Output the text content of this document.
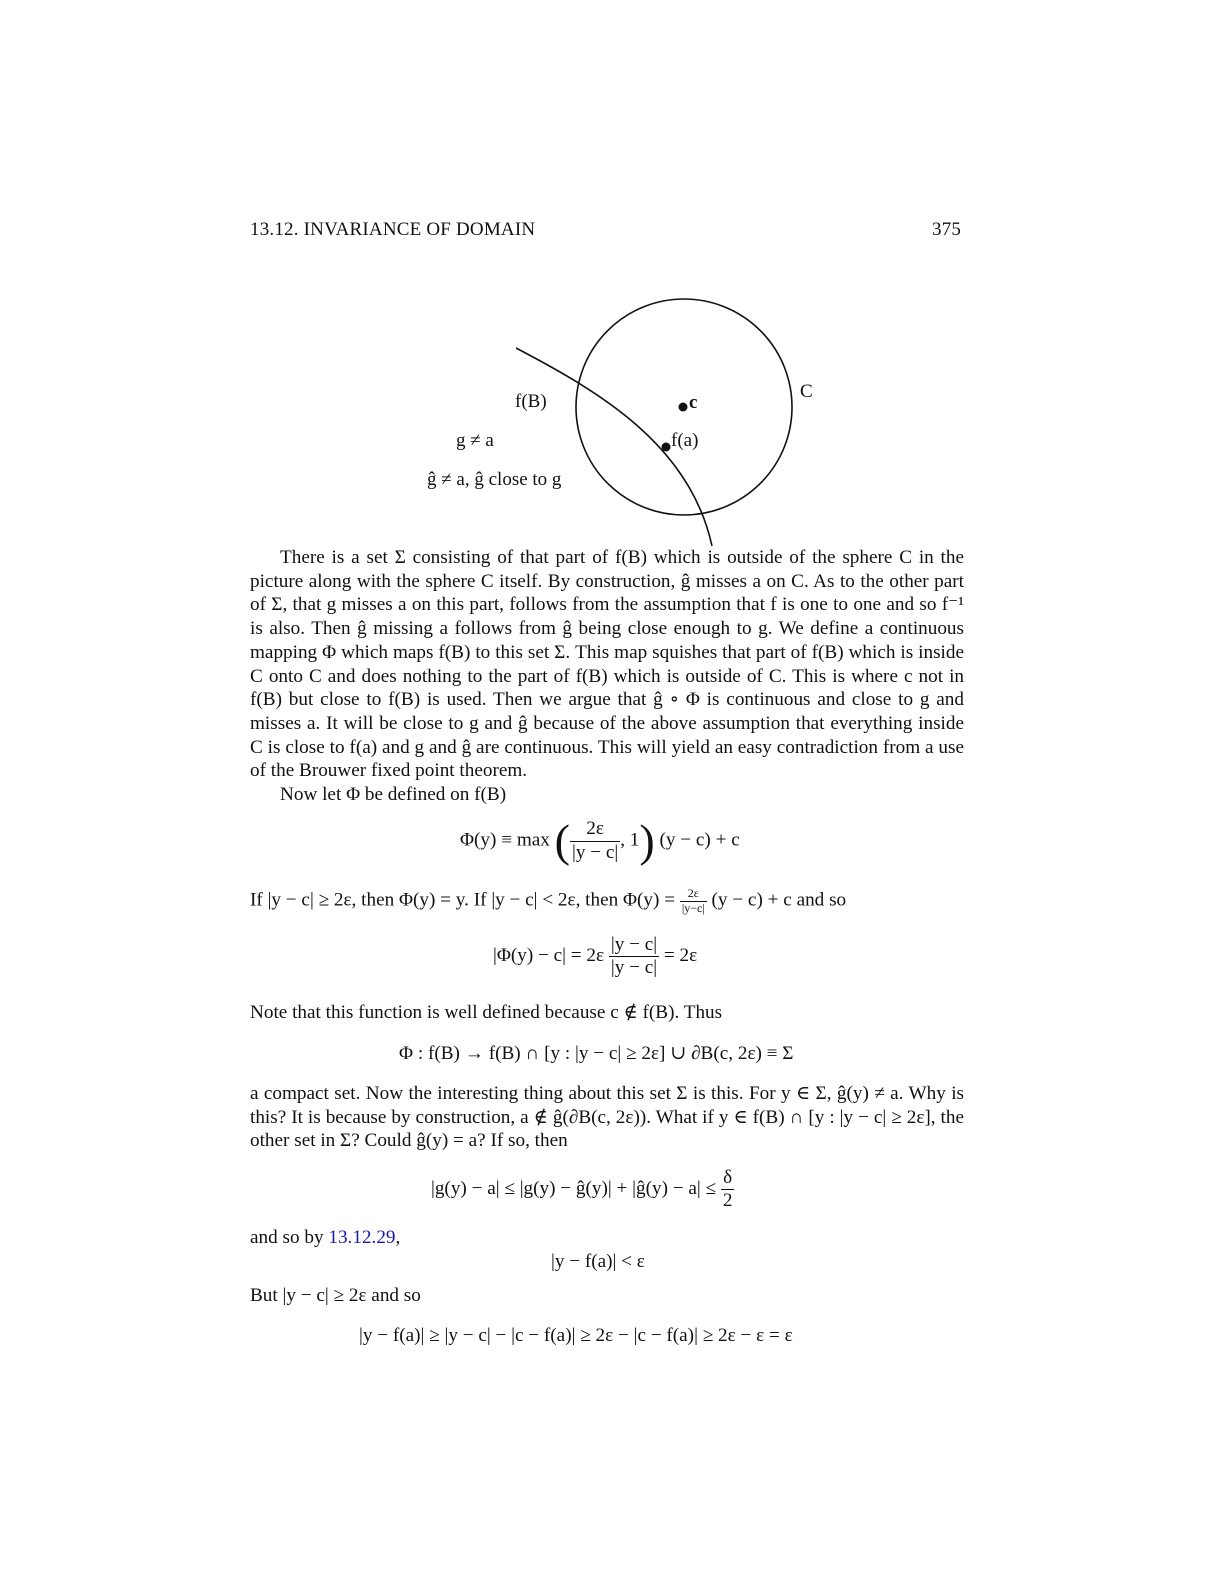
13.12. INVARIANCE OF DOMAIN	375
C
c
f(a)
f(B)
g ≠ a
ĝ ≠ a, ĝ close to g

There is a set Σ consisting of that part of f(B) which is outside of the sphere C in the picture along with the sphere C itself. By construction, ĝ misses a on C. As to the other part of Σ, that g misses a on this part, follows from the assumption that f is one to one and so f⁻¹ is also. Then ĝ missing a follows from ĝ being close enough to g. We define a continuous mapping Φ which maps f(B) to this set Σ. This map squishes that part of f(B) which is inside C onto C and does nothing to the part of f(B) which is outside of C. This is where c not in f(B) but close to f(B) is used. Then we argue that ĝ ∘ Φ is continuous and close to g and misses a. It will be close to g and ĝ because of the above assumption that everything inside C is close to f(a) and g and ĝ are continuous. This will yield an easy contradiction from a use of the Brouwer fixed point theorem.

Now let Φ be defined on f(B)

Φ(y) ≡ max ( $\frac{2\varepsilon}{|y - c|}$ , 1) (y − c) + c
If |y − c| ≥ 2ε, then Φ(y) = y. If |y − c| < 2ε, then $\Phi(y) = \frac{2\varepsilon}{|y-c|} (y - c) + c$ and so
$|\Phi(y) - c| = 2\varepsilon \frac{|y - c|}{|y - c|} = 2\varepsilon$
Note that this function is well defined because c ∉ f(B). Thus
Φ : f(B) → f(B) ∩ [y : |y − c| ≥ 2ε] ∪ ∂B(c, 2ε) ≡ Σ
a compact set. Now the interesting thing about this set Σ is this. For y ∈ Σ, ĝ(y) ≠ a. Why is this? It is because by construction, a ∉ ĝ(∂B(c, 2ε)). What if y ∈ f(B) ∩ [y : |y − c| ≥ 2ε], the other set in Σ? Could ĝ(y) = a? If so, then
|g(y) − a| ≤ |g(y) − ĝ(y)| + |ĝ(y) − $a| \le \frac{\delta}{2}$
and so by 13.12.29,
|y − f(a)| < ε
But |y − c| ≥ 2ε and so
|y − f(a)| ≥ |y − c| − |c − f(a)| ≥ 2ε − |c − f(a)| ≥ 2ε − ε = ε
